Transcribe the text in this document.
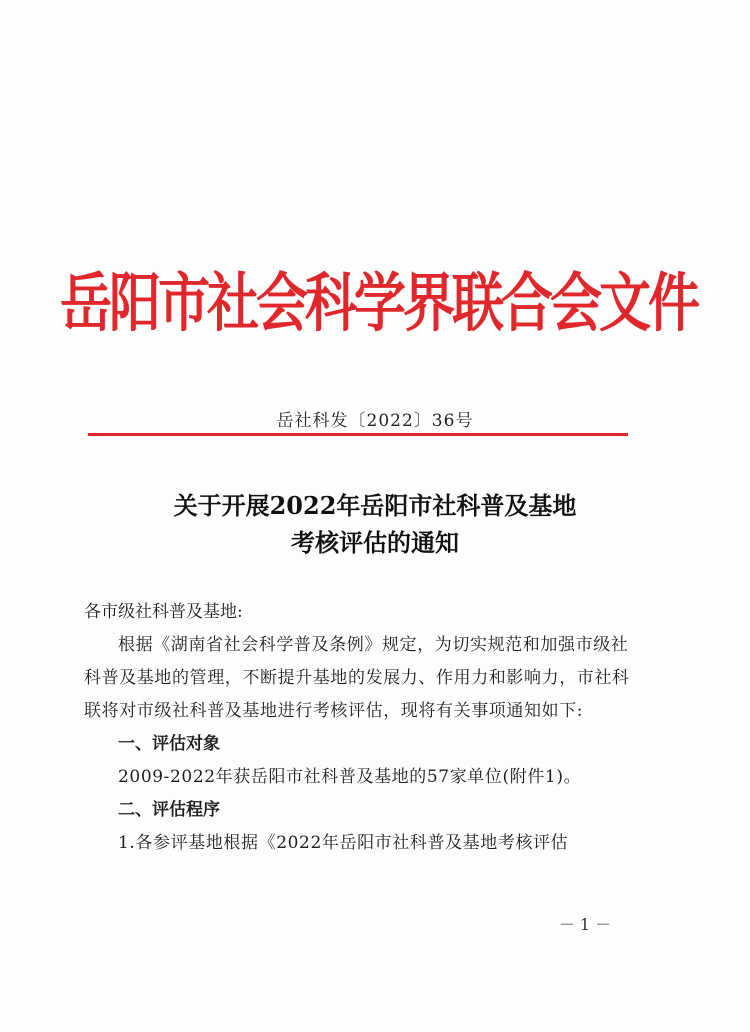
岳阳市社会科学界联合会文件
岳社科发〔2022〕36号
关于开展2022年岳阳市社科普及基地
考核评估的通知

各市级社科普及基地:

根据《湖南省社会科学普及条例》规定，为切实规范和加强市级社科普及基地的管理，不断提升基地的发展力、作用力和影响力，市社科联将对市级社科普及基地进行考核评估，现将有关事项通知如下:

一、评估对象

2009-2022年获岳阳市社科普及基地的57家单位(附件1)。

二、评估程序

1.各参评基地根据《2022年岳阳市社科普及基地考核评估

－ 1 －
